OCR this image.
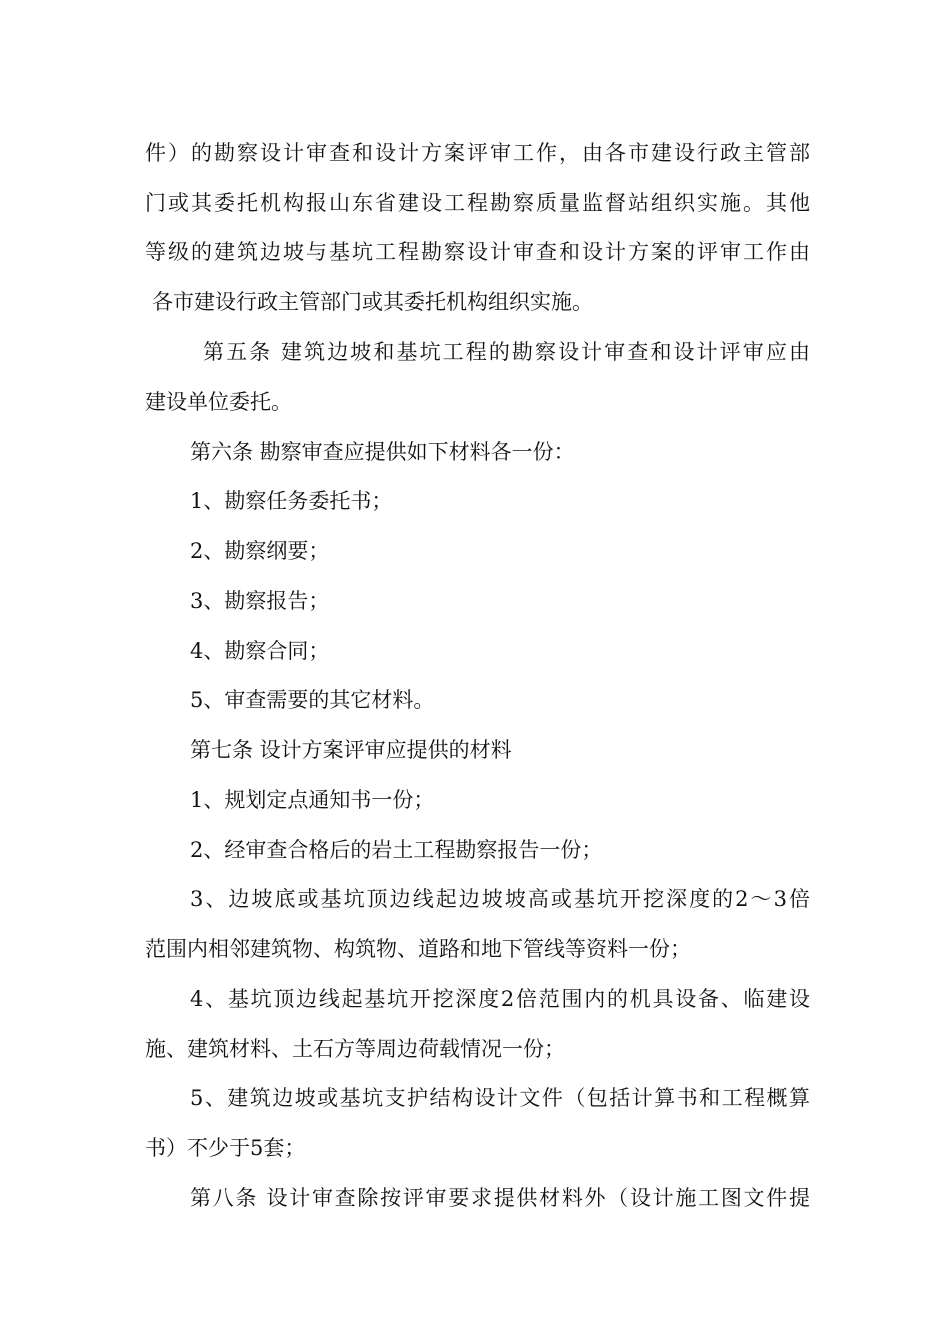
件）的勘察设计审查和设计方案评审工作，由各市建设行政主管部
门或其委托机构报山东省建设工程勘察质量监督站组织实施。其他
等级的建筑边坡与基坑工程勘察设计审查和设计方案的评审工作由
各市建设行政主管部门或其委托机构组织实施。
第五条 建筑边坡和基坑工程的勘察设计审查和设计评审应由
建设单位委托。
第六条 勘察审查应提供如下材料各一份：
1、勘察任务委托书；
2、勘察纲要；
3、勘察报告；
4、勘察合同；
5、审查需要的其它材料。
第七条 设计方案评审应提供的材料
1、规划定点通知书一份；
2、经审查合格后的岩土工程勘察报告一份；
3、边坡底或基坑顶边线起边坡坡高或基坑开挖深度的2～3倍
范围内相邻建筑物、构筑物、道路和地下管线等资料一份；
4、基坑顶边线起基坑开挖深度2倍范围内的机具设备、临建设
施、建筑材料、土石方等周边荷载情况一份；
5、建筑边坡或基坑支护结构设计文件（包括计算书和工程概算
书）不少于5套；
第八条 设计审查除按评审要求提供材料外（设计施工图文件提
